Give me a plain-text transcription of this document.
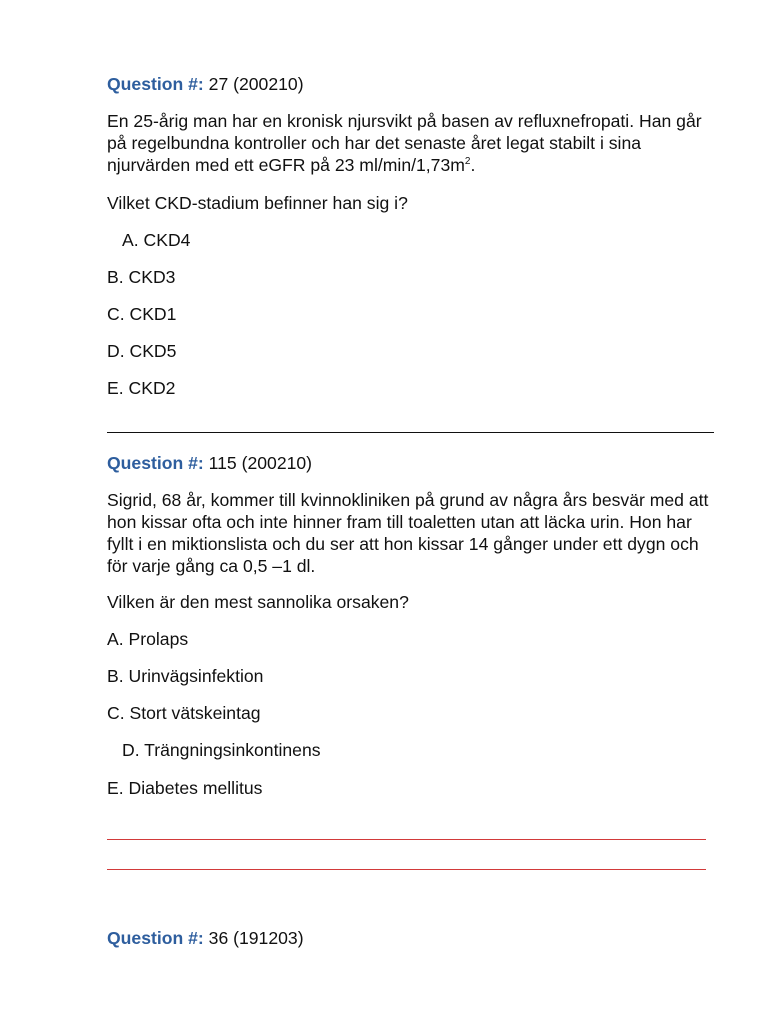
Question #: 27 (200210)
En 25-årig man har en kronisk njursvikt på basen av refluxnefropati. Han går på regelbundna kontroller och har det senaste året legat stabilt i sina njurvärden med ett eGFR på 23 $ml/\min/1,73m^2$.
Vilket CKD-stadium befinner han sig i?
A. CKD4
B. CKD3
C. CKD1
D. CKD5
E. CKD2
Question #: 115 (200210)
Sigrid, 68 år, kommer till kvinnokliniken på grund av några års besvär med att hon kissar ofta och inte hinner fram till toaletten utan att läcka urin. Hon har fyllt i en miktionslista och du ser att hon kissar 14 gånger under ett dygn och för varje gång ca 0,5 –1 dl.
Vilken är den mest sannolika orsaken?
A. Prolaps
B. Urinvägsinfektion
C. Stort vätskeintag
D. Trängningsinkontinens
E. Diabetes mellitus
Question #: 36 (191203)
